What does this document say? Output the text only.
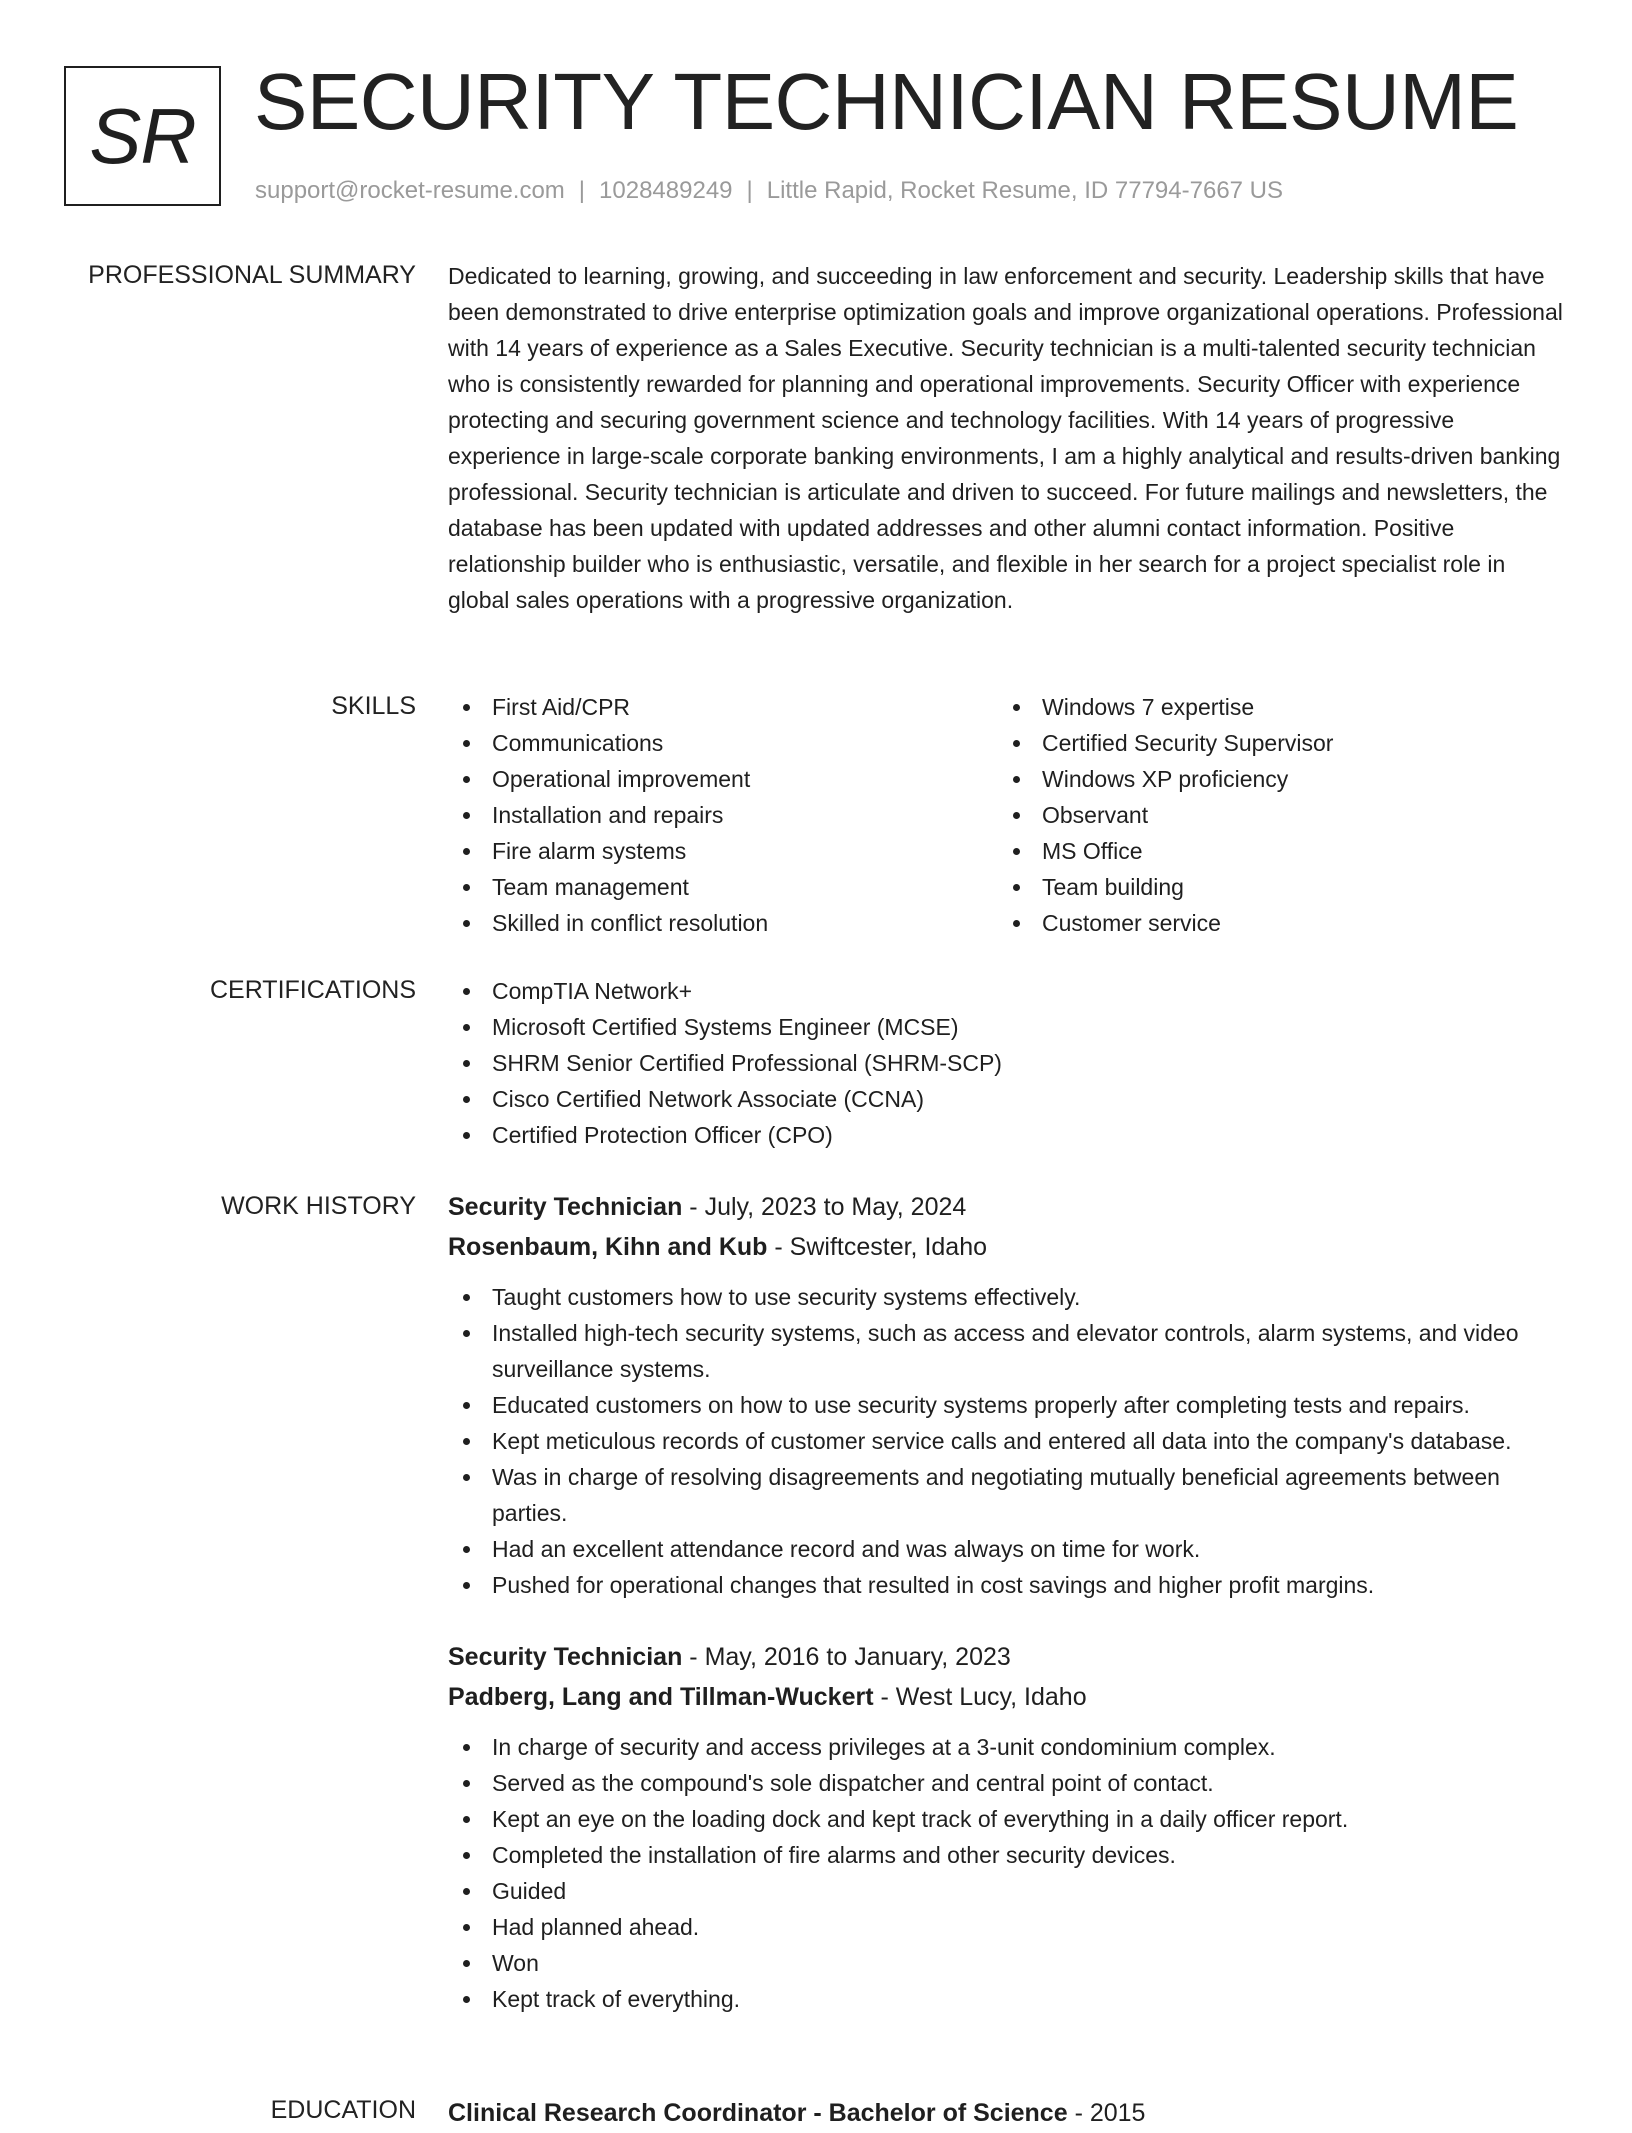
SR SECURITY TECHNICIAN RESUME
support@rocket-resume.com | 1028489249 | Little Rapid, Rocket Resume, ID 77794-7667 US
PROFESSIONAL SUMMARY Dedicated to learning, growing, and succeeding in law enforcement and security. Leadership skills that have been demonstrated to drive enterprise optimization goals and improve organizational operations. Professional with 14 years of experience as a Sales Executive. Security technician is a multi-talented security technician who is consistently rewarded for planning and operational improvements. Security Officer with experience protecting and securing government science and technology facilities. With 14 years of progressive experience in large-scale corporate banking environments, I am a highly analytical and results-driven banking professional. Security technician is articulate and driven to succeed. For future mailings and newsletters, the database has been updated with updated addresses and other alumni contact information. Positive relationship builder who is enthusiastic, versatile, and flexible in her search for a project specialist role in global sales operations with a progressive organization.

SKILLS	First Aid/CPR
Communications
Operational improvement
Installation and repairs
Fire alarm systems
Team management
Skilled in conflict resolution
Windows 7 expertise
Certified Security Supervisor
Windows XP proficiency
Observant
MS Office
Team building
Customer service
CERTIFICATIONS	CompTIA Network+
Microsoft Certified Systems Engineer (MCSE)
SHRM Senior Certified Professional (SHRM-SCP)
Cisco Certified Network Associate (CCNA)
Certified Protection Officer (CPO)
WORK HISTORY Security Technician - July, 2023 to May, 2024
Rosenbaum, Kihn and Kub - Swiftcester, Idaho
Taught customers how to use security systems effectively.
Installed high-tech security systems, such as access and elevator controls, alarm systems, and video surveillance systems.
Educated customers on how to use security systems properly after completing tests and repairs.
Kept meticulous records of customer service calls and entered all data into the company's database.
Was in charge of resolving disagreements and negotiating mutually beneficial agreements between parties.
Had an excellent attendance record and was always on time for work.
Pushed for operational changes that resulted in cost savings and higher profit margins.
Security Technician - May, 2016 to January, 2023
Padberg, Lang and Tillman-Wuckert - West Lucy, Idaho
In charge of security and access privileges at a 3-unit condominium complex.
Served as the compound's sole dispatcher and central point of contact.
Kept an eye on the loading dock and kept track of everything in a daily officer report.
Completed the installation of fire alarms and other security devices.
Guided
Had planned ahead.
Won
Kept track of everything.
EDUCATION Clinical Research Coordinator - Bachelor of Science - 2015
